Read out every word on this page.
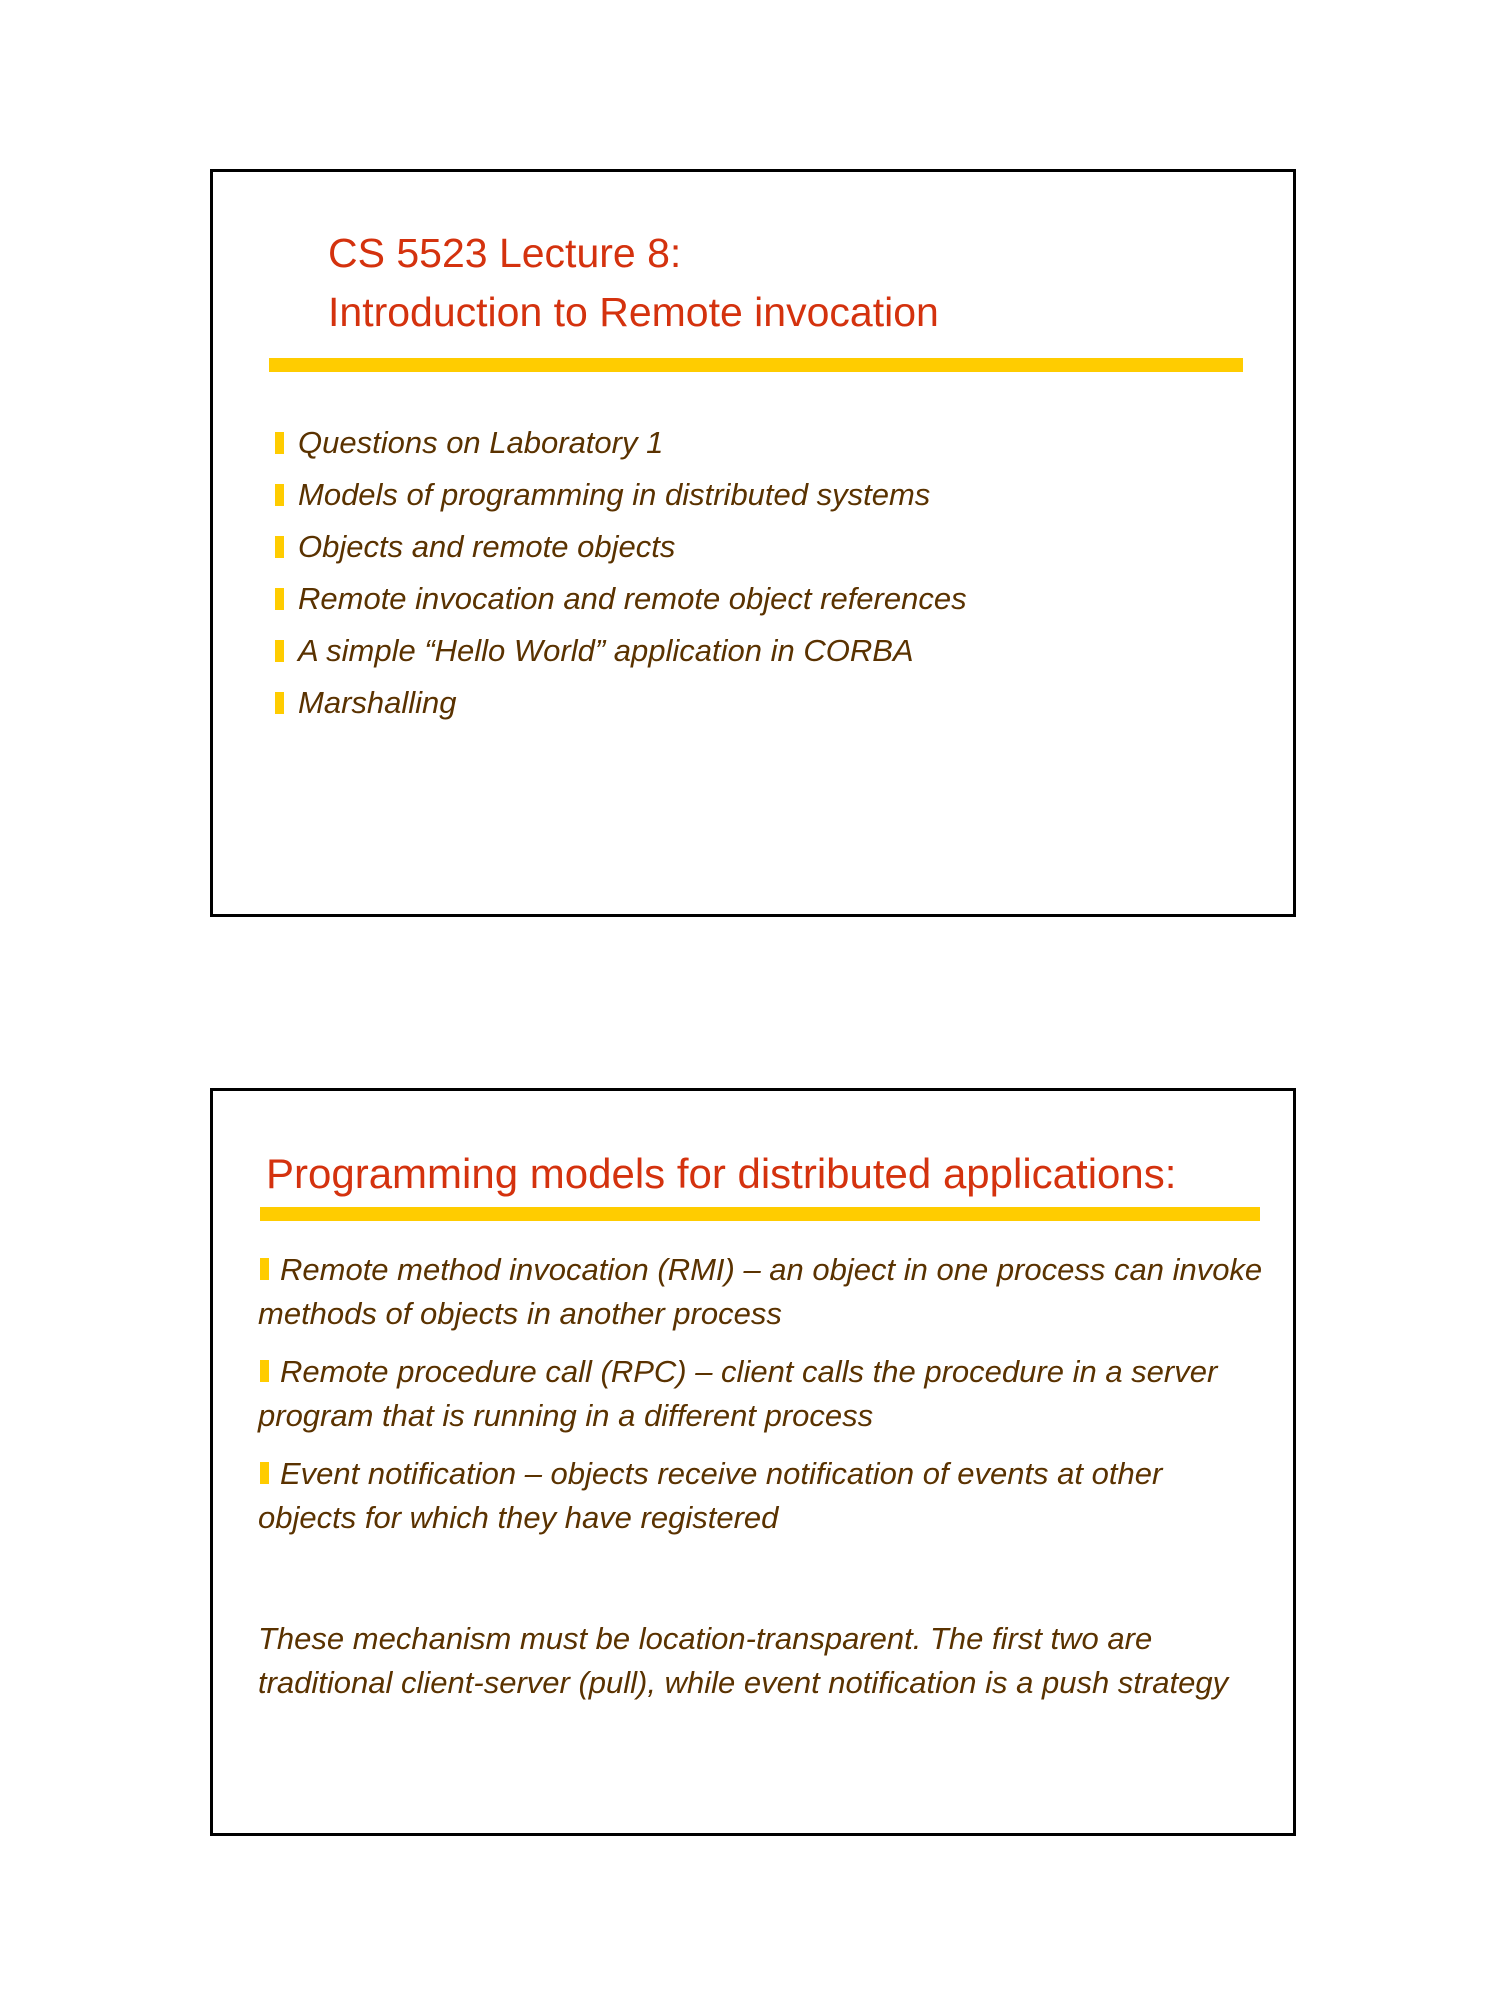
CS 5523 Lecture 8:
Introduction to Remote invocation
Questions on Laboratory 1
Models of programming in distributed systems
Objects and remote objects
Remote invocation and remote object references
A simple “Hello World” application in CORBA
Marshalling
Programming models for distributed applications:
Remote method invocation (RMI) – an object in one process can invoke methods of objects in another process
Remote procedure call (RPC) – client calls the procedure in a server program that is running in a different process
Event notification – objects receive notification of events at other objects for which they have registered

These mechanism must be location-transparent. The first two are traditional client-server (pull), while event notification is a push strategy
